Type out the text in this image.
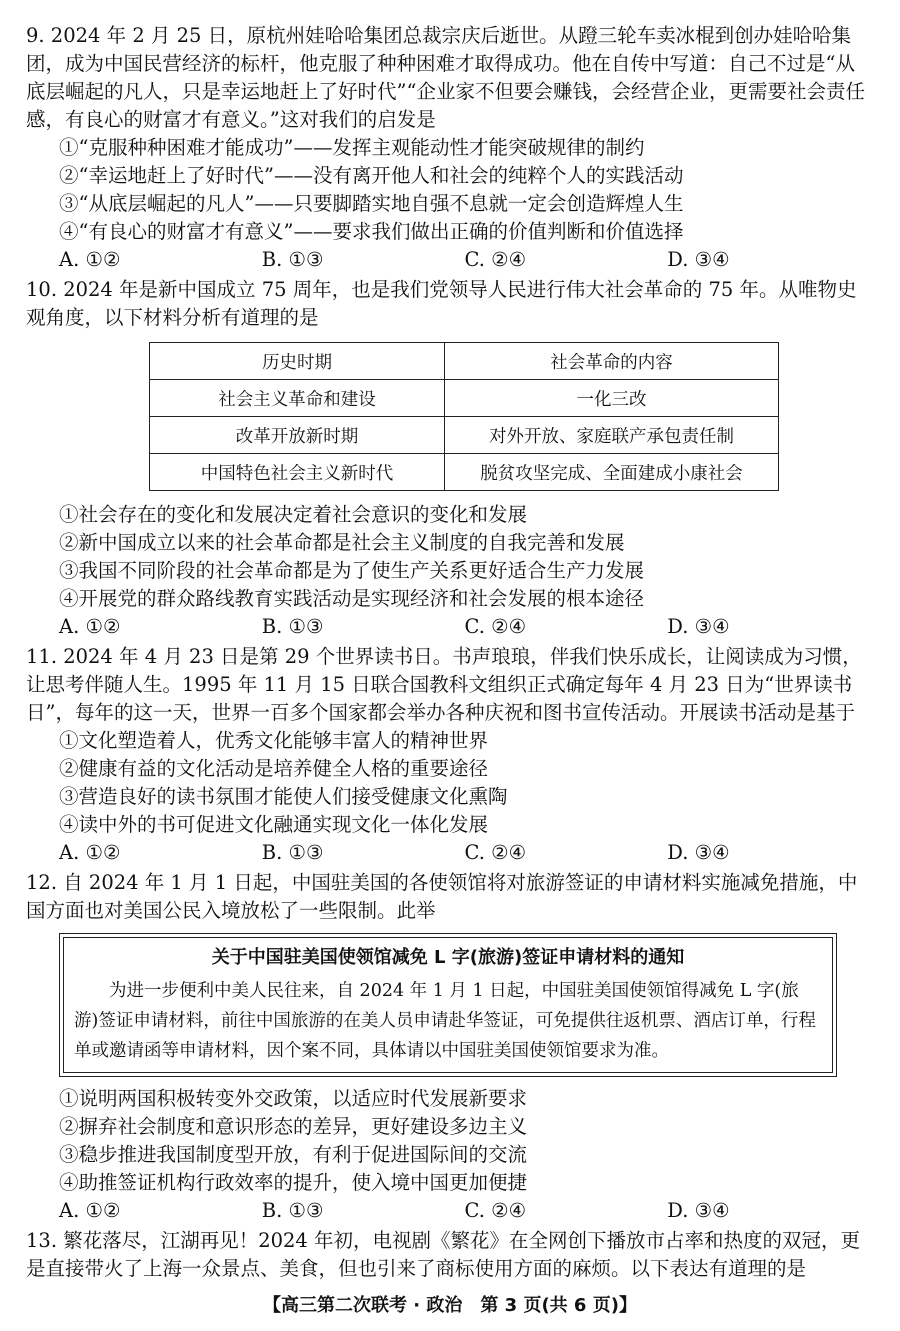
9. 2024 年 2 月 25 日，原杭州娃哈哈集团总裁宗庆后逝世。从蹬三轮车卖冰棍到创办娃哈哈集团，成为中国民营经济的标杆，他克服了种种困难才取得成功。他在自传中写道：自己不过是“从底层崛起的凡人，只是幸运地赶上了好时代”“企业家不但要会赚钱，会经营企业，更需要社会责任感，有良心的财富才有意义。”这对我们的启发是

①“克服种种困难才能成功”——发挥主观能动性才能突破规律的制约

②“幸运地赶上了好时代”——没有离开他人和社会的纯粹个人的实践活动

③“从底层崛起的凡人”——只要脚踏实地自强不息就一定会创造辉煌人生

④“有良心的财富才有意义”——要求我们做出正确的价值判断和价值选择

A. ①②	B. ①③	C. ②④	D. ③④

10. 2024 年是新中国成立 75 周年，也是我们党领导人民进行伟大社会革命的 75 年。从唯物史观角度，以下材料分析有道理的是

历史时期	社会革命的内容
社会主义革命和建设	一化三改
改革开放新时期	对外开放、家庭联产承包责任制
中国特色社会主义新时代	脱贫攻坚完成、全面建成小康社会

①社会存在的变化和发展决定着社会意识的变化和发展

②新中国成立以来的社会革命都是社会主义制度的自我完善和发展

③我国不同阶段的社会革命都是为了使生产关系更好适合生产力发展

④开展党的群众路线教育实践活动是实现经济和社会发展的根本途径

A. ①②	B. ①③	C. ②④	D. ③④

11. 2024 年 4 月 23 日是第 29 个世界读书日。书声琅琅，伴我们快乐成长，让阅读成为习惯，让思考伴随人生。1995 年 11 月 15 日联合国教科文组织正式确定每年 4 月 23 日为“世界读书日”，每年的这一天，世界一百多个国家都会举办各种庆祝和图书宣传活动。开展读书活动是基于

①文化塑造着人，优秀文化能够丰富人的精神世界

②健康有益的文化活动是培养健全人格的重要途径

③营造良好的读书氛围才能使人们接受健康文化熏陶

④读中外的书可促进文化融通实现文化一体化发展

A. ①②	B. ①③	C. ②④	D. ③④

12. 自 2024 年 1 月 1 日起，中国驻美国的各使领馆将对旅游签证的申请材料实施减免措施，中国方面也对美国公民入境放松了一些限制。此举

关于中国驻美国使领馆减免 L 字(旅游)签证申请材料的通知

为进一步便利中美人民往来，自 2024 年 1 月 1 日起，中国驻美国使领馆得减免 L 字(旅游)签证申请材料，前往中国旅游的在美人员申请赴华签证，可免提供往返机票、酒店订单，行程单或邀请函等申请材料，因个案不同，具体请以中国驻美国使领馆要求为准。

①说明两国积极转变外交政策，以适应时代发展新要求

②摒弃社会制度和意识形态的差异，更好建设多边主义

③稳步推进我国制度型开放，有利于促进国际间的交流

④助推签证机构行政效率的提升，使入境中国更加便捷

A. ①②	B. ①③	C. ②④	D. ③④

13. 繁花落尽，江湖再见！2024 年初，电视剧《繁花》在全网创下播放市占率和热度的双冠，更是直接带火了上海一众景点、美食，但也引来了商标使用方面的麻烦。以下表达有道理的是

【高三第二次联考 · 政治　第 3 页(共 6 页)】
